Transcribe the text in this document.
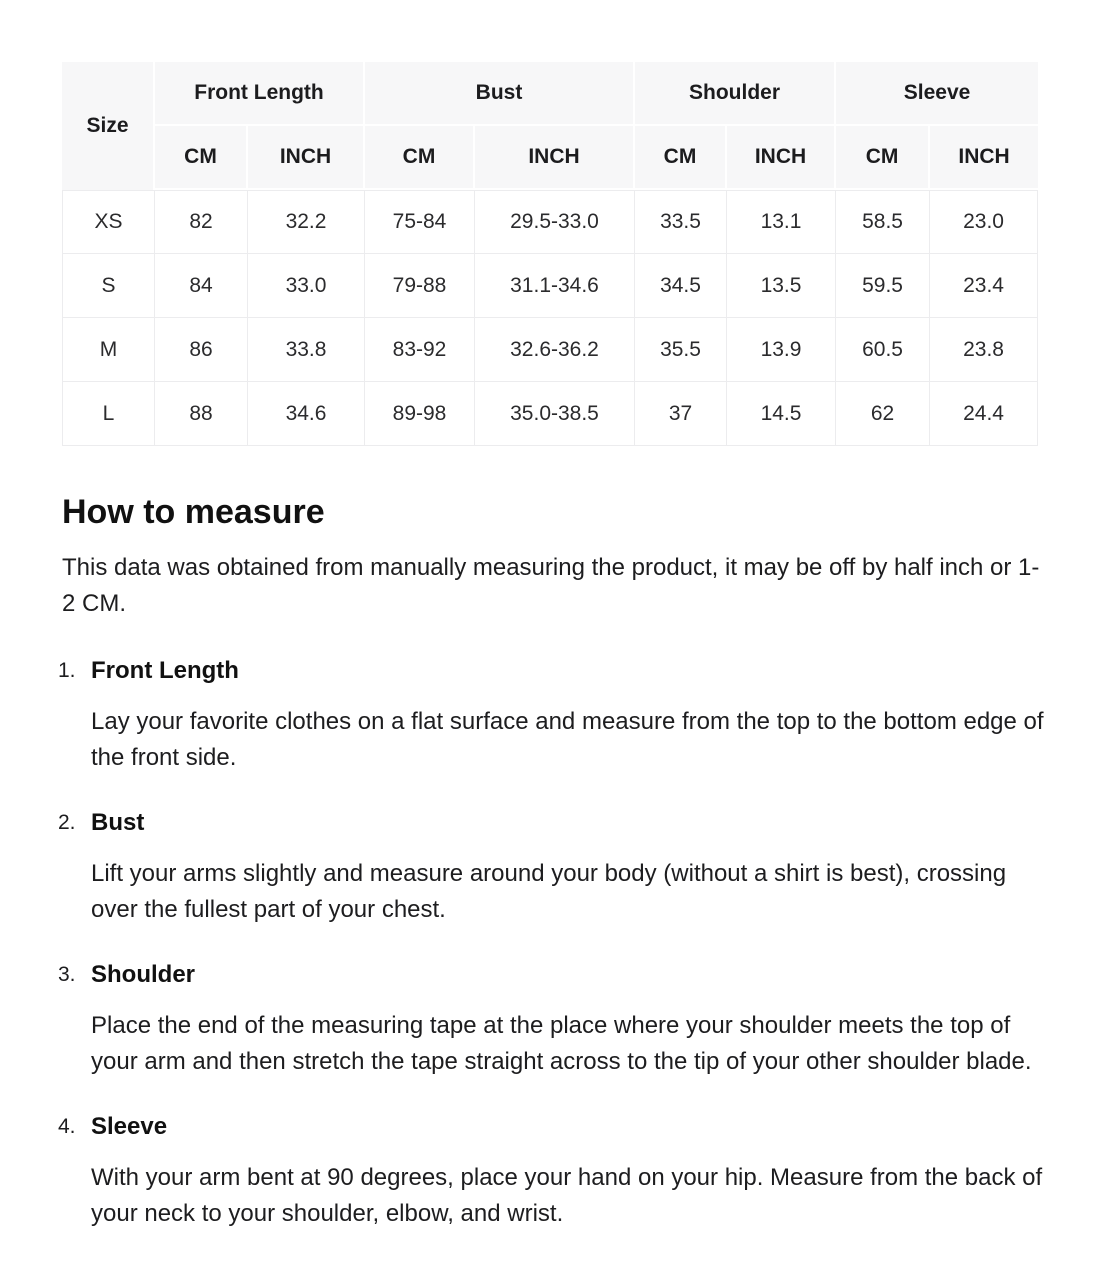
Size	Front Length		Bust		Shoulder		Sleeve	
	CM	INCH	CM	INCH	CM	INCH	CM	INCH
XS	82	32.2	75-84	29.5-33.0	33.5	13.1	58.5	23.0
S	84	33.0	79-88	31.1-34.6	34.5	13.5	59.5	23.4
M	86	33.8	83-92	32.6-36.2	35.5	13.9	60.5	23.8
L	88	34.6	89-98	35.0-38.5	37	14.5	62	24.4
How to measure

This data was obtained from manually measuring the product, it may be off by half inch or 1-2 CM.

1. Front Length

Lay your favorite clothes on a flat surface and measure from the top to the bottom edge of the front side.

2. Bust

Lift your arms slightly and measure around your body (without a shirt is best), crossing over the fullest part of your chest.

3. Shoulder

Place the end of the measuring tape at the place where your shoulder meets the top of your arm and then stretch the tape straight across to the tip of your other shoulder blade.

4. Sleeve

With your arm bent at 90 degrees, place your hand on your hip. Measure from the back of your neck to your shoulder, elbow, and wrist.
